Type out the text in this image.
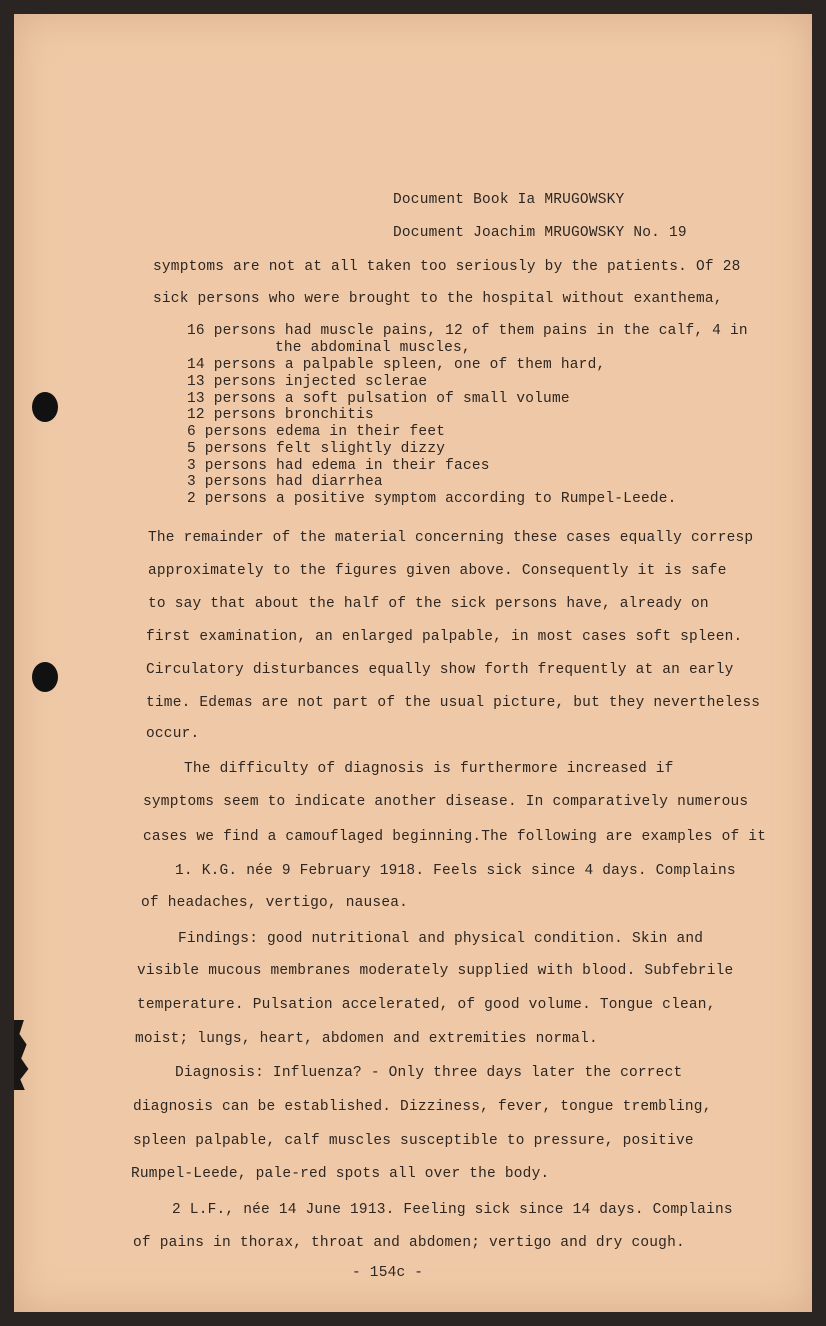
Document Book Ia MRUGOWSKY
Document Joachim MRUGOWSKY No. 19
symptoms are not at all taken too seriously by the patients. Of 28
sick persons who were brought to the hospital without exanthema,
16 persons had muscle pains, 12 of them pains in the calf, 4 in
the abdominal muscles,
14 persons a palpable spleen, one of them hard,
13 persons injected sclerae
13 persons a soft pulsation of small volume
12 persons bronchitis
6 persons edema in their feet
5 persons felt slightly dizzy
3 persons had edema in their faces
3 persons had diarrhea
2 persons a positive symptom according to Rumpel-Leede.
The remainder of the material concerning these cases equally corresp
approximately to the figures given above. Consequently it is safe
to say that about the half of the sick persons have, already on
first examination, an enlarged palpable, in most cases soft spleen.
Circulatory disturbances equally show forth frequently at an early
time. Edemas are not part of the usual picture, but they nevertheless
occur.
The difficulty of diagnosis is furthermore increased if
symptoms seem to indicate another disease. In comparatively numerous
cases we find a camouflaged beginning.The following are examples of it
1. K.G. née 9 February 1918. Feels sick since 4 days. Complains
of headaches, vertigo, nausea.
Findings: good nutritional and physical condition. Skin and
visible mucous membranes moderately supplied with blood. Subfebrile
temperature. Pulsation accelerated, of good volume. Tongue clean,
moist; lungs, heart, abdomen and extremities normal.
Diagnosis: Influenza? - Only three days later the correct
diagnosis can be established. Dizziness, fever, tongue trembling,
spleen palpable, calf muscles susceptible to pressure, positive
Rumpel-Leede, pale-red spots all over the body.
2 L.F., née 14 June 1913. Feeling sick since 14 days. Complains
of pains in thorax, throat and abdomen; vertigo and dry cough.
- 154c -
